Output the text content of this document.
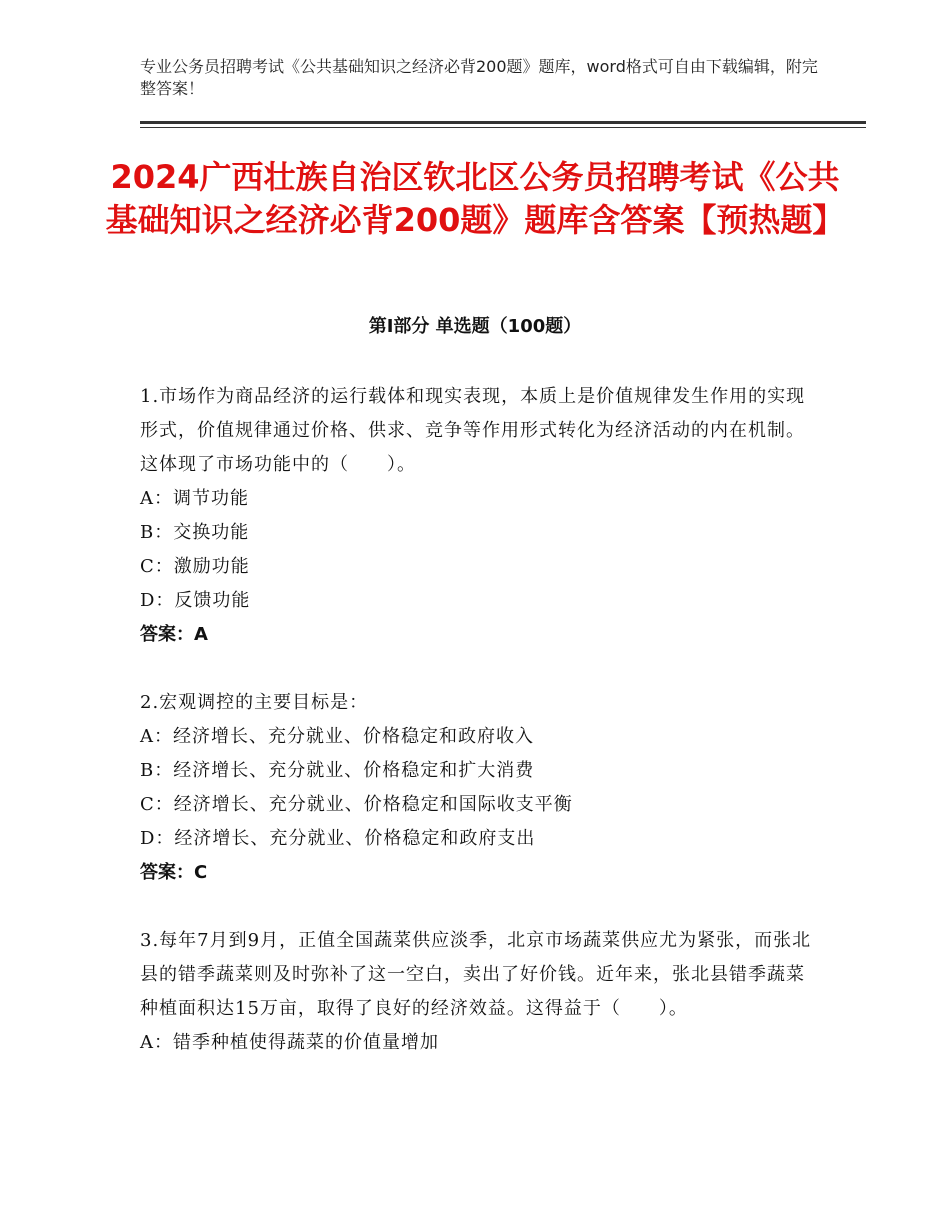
专业公务员招聘考试《公共基础知识之经济必背200题》题库，word格式可自由下载编辑，附完整答案！
2024广西壮族自治区钦北区公务员招聘考试《公共基础知识之经济必背200题》题库含答案【预热题】
第Ⅰ部分 单选题（100题）

1.市场作为商品经济的运行载体和现实表现，本质上是价值规律发生作用的实现形式，价值规律通过价格、供求、竞争等作用形式转化为经济活动的内在机制。这体现了市场功能中的（　　）。

A：调节功能

B：交换功能

C：激励功能

D：反馈功能

答案：A

2.宏观调控的主要目标是：

A：经济增长、充分就业、价格稳定和政府收入

B：经济增长、充分就业、价格稳定和扩大消费

C：经济增长、充分就业、价格稳定和国际收支平衡

D：经济增长、充分就业、价格稳定和政府支出

答案：C

3.每年7月到9月，正值全国蔬菜供应淡季，北京市场蔬菜供应尤为紧张，而张北县的错季蔬菜则及时弥补了这一空白，卖出了好价钱。近年来，张北县错季蔬菜种植面积达15万亩，取得了良好的经济效益。这得益于（　　）。

A：错季种植使得蔬菜的价值量增加
